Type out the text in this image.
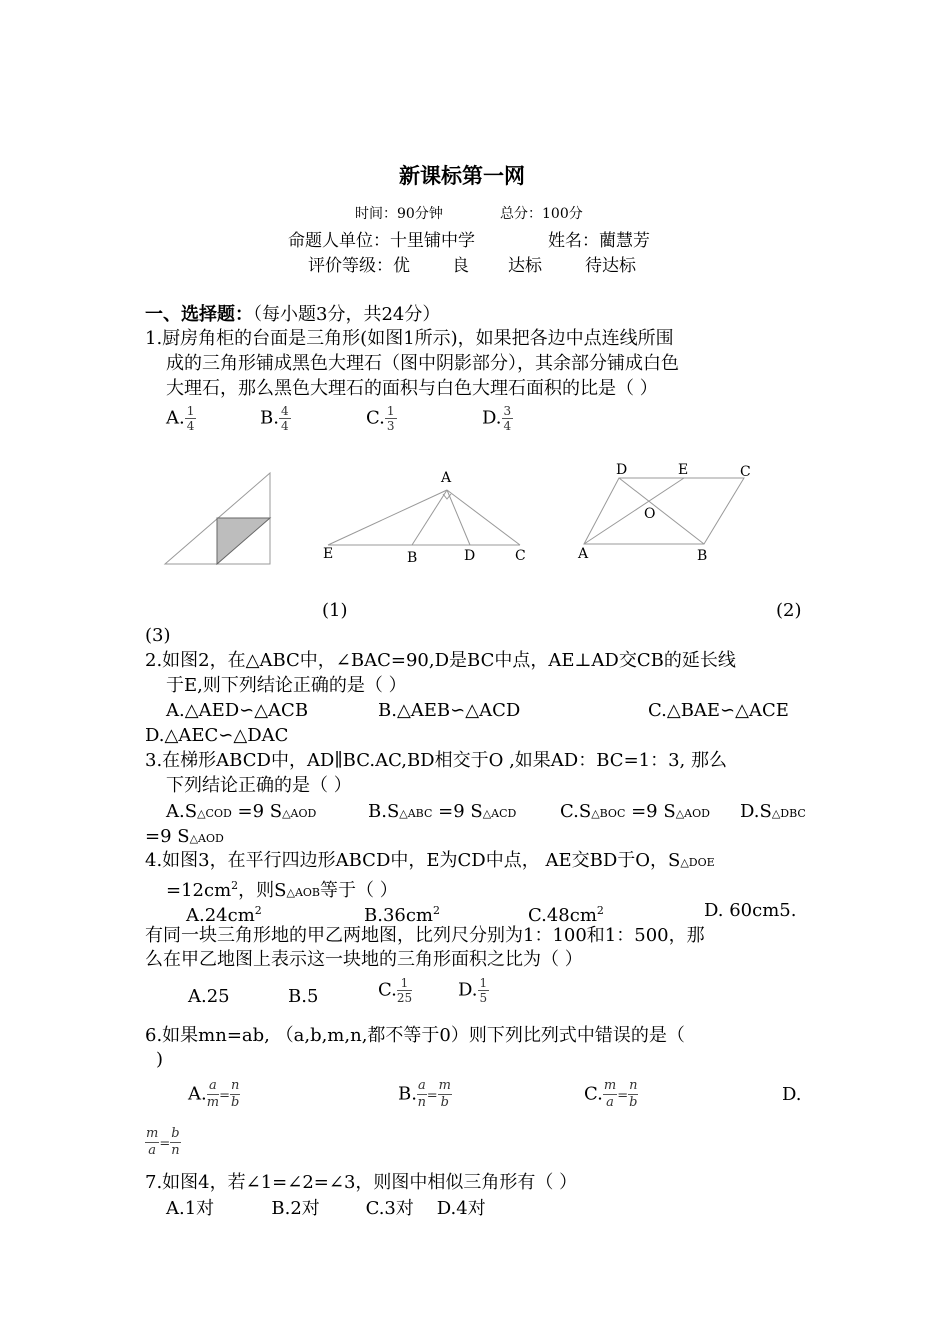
新课标第一网
时间：90分钟	总分：100分
命题人单位：十里铺中学	姓名：藺慧芳
评价等级：优 良 达标	待达标
一、选择题：（每小题3分，共24分）
1.厨房角柜的台面是三角形(如图1所示)，如果把各边中点连线所围
成的三角形铺成黑色大理石（图中阴影部分），其余部分铺成白色
大理石，那么黑色大理石的面积与白色大理石面积的比是（ ）
A. $\frac{1}{4}$	B. $\frac{4}{4}$	C. $\frac{1}{3}$	D. $\frac{3}{4}$
A
E	B	D	C
D	E	C
O
A	B
(1)	(2)
(3)
2.如图2，在△ABC中，∠BAC=90,D是BC中点，AE⊥AD交CB的延长线
于E,则下列结论正确的是（ ）
A.△AED∽△ACB	B.△AEB∽△ACD	C.△BAE∽△ACE
D.△AEC∽△DAC
3.在梯形ABCD中，AD∥BC.AC,BD相交于O ,如果AD：BC=1：3, 那么
下列结论正确的是（ ）
A.S△COD =9 S△AOD	B.S△ABC =9 S△ACD C.S△BOC =9 S△AOD D.S△DBC
=9 S△AOD
4.如图3，在平行四边形ABCD中，E为CD中点， AE交BD于O，S△DOE
$=12cm^2$，则S△AOB等于（ ）
$A.24cm^2$	$B.36cm^2$	$C.48cm^2$	D. 60cm5.
有同一块三角形地的甲乙两地图，比列尺分别为1：100和1：500，那
么在甲乙地图上表示这一块地的三角形面积之比为（ ）
A.25	B.5	C. $\frac{1}{25}$	D. $\frac{1}{5}$
6.如果mn=ab, （a,b,m,n,都不等于0）则下列比列式中错误的是（
)
A. $\frac{a}{m} = \frac{n}{b}$	B. $\frac{a}{n} = \frac{m}{b}$	C. $\frac{m}{a} = \frac{n}{b}$	D.
$\frac{m}{a} = \frac{b}{n}$
7.如图4，若∠1=∠2=∠3，则图中相似三角形有（ ）
A.1对          B.2对        C.3对    D.4对
